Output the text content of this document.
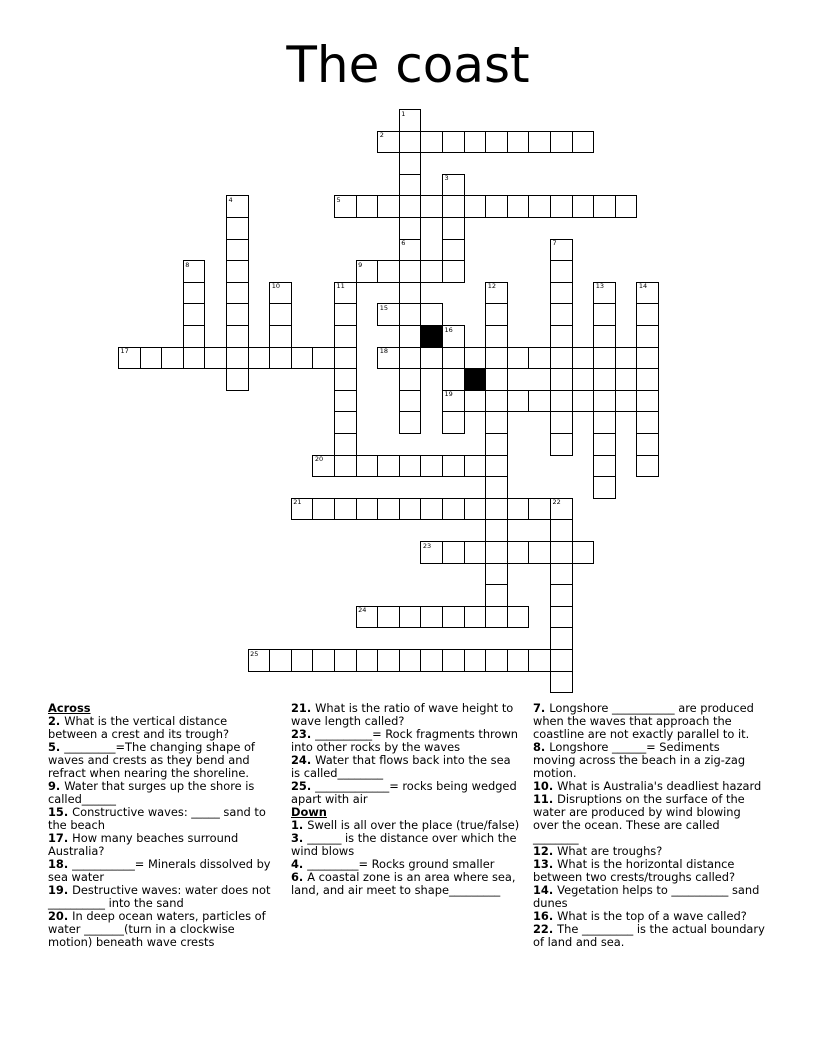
The coast
1
6
2
3
4	5
7
8	9
10	11	12	13	14
15
16
19
17	18
20
21	22
23
24
25
Across
2. What is the vertical distance between a crest and its trough?
5. _________=The changing shape of waves and crests as they bend and refract when nearing the shoreline.
9. Water that surges up the shore is called______
15. Constructive waves: _____ sand to the beach
17. How many beaches surround Australia?
18. ___________= Minerals dissolved by sea water
19. Destructive waves: water does not __________ into the sand
20. In deep ocean waters, particles of water _______(turn in a clockwise motion) beneath wave crests
21. What is the ratio of wave height to wave length called?
23. __________= Rock fragments thrown into other rocks by the waves
24. Water that flows back into the sea is called________
25. _____________= rocks being wedged apart with air
Down
1. Swell is all over the place (true/false)
3. ______ is the distance over which the wind blows
4. _________= Rocks ground smaller
6. A coastal zone is an area where sea, land, and air meet to shape_________
7. Longshore ___________ are produced when the waves that approach the coastline are not exactly parallel to it.
8. Longshore ______= Sediments moving across the beach in a zig-zag motion.
10. What is Australia's deadliest hazard
11. Disruptions on the surface of the water are produced by wind blowing over the ocean. These are called ________
12. What are troughs?
13. What is the horizontal distance between two crests/troughs called?
14. Vegetation helps to __________ sand dunes
16. What is the top of a wave called?
22. The _________ is the actual boundary of land and sea.
